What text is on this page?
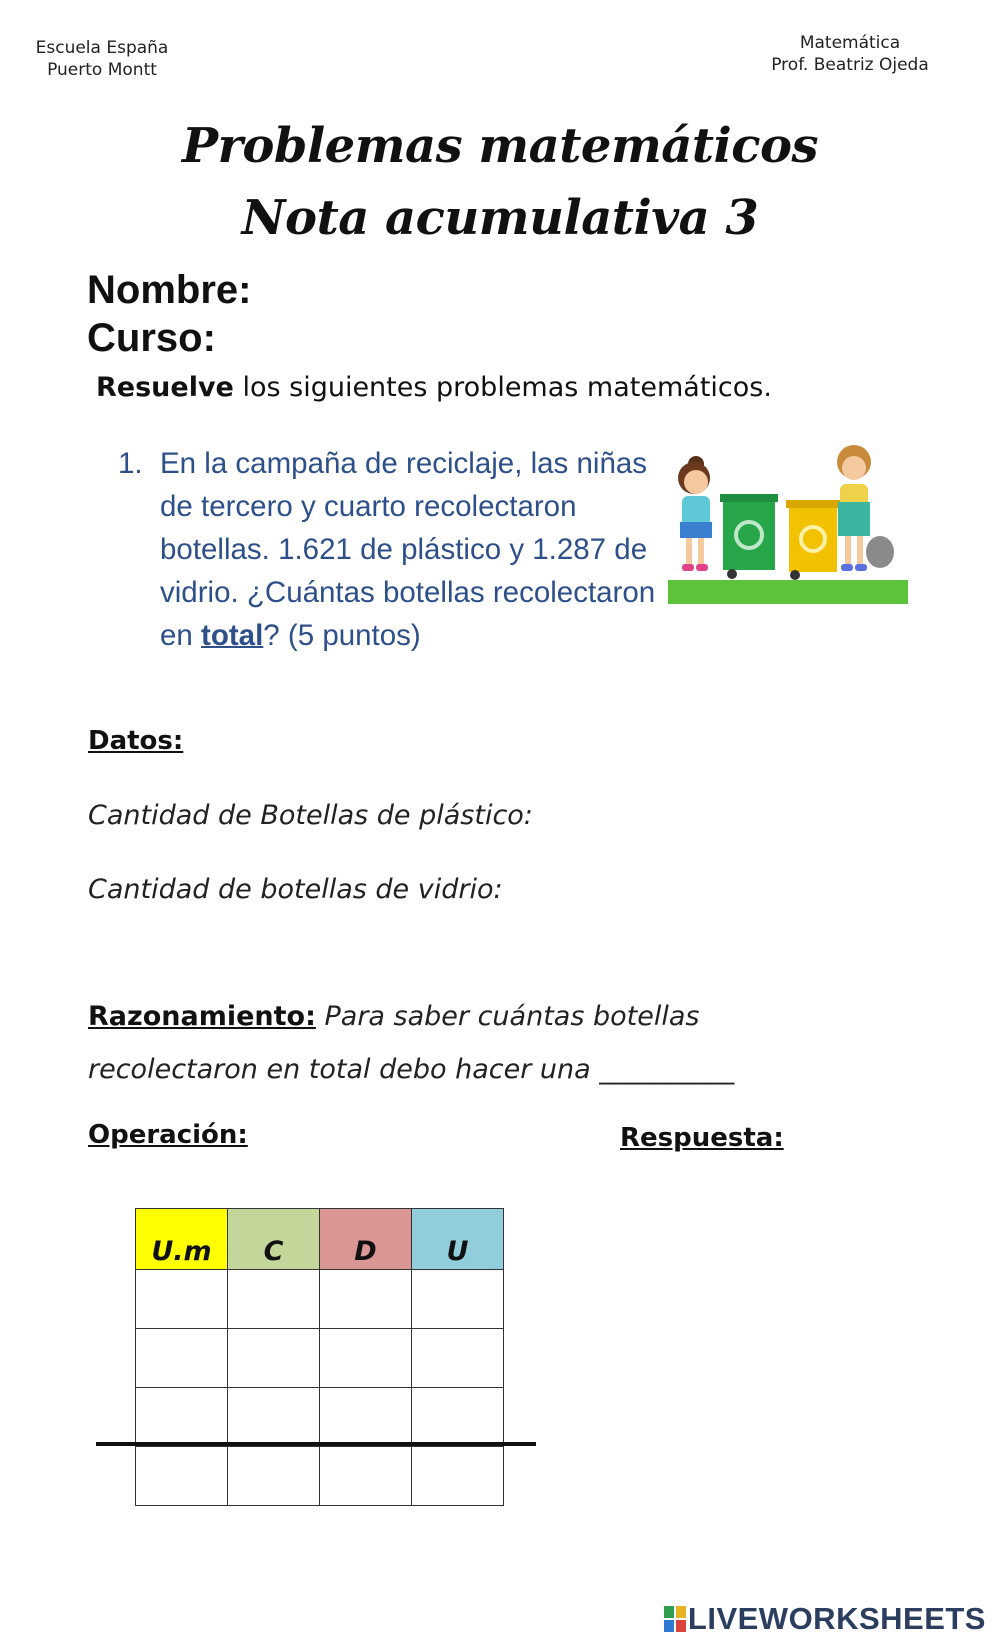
Escuela España
Puerto Montt
Matemática
Prof. Beatriz Ojeda
Problemas matemáticos
Nota acumulativa 3
Nombre:
Curso:
Resuelve los siguientes problemas matemáticos.
1. En la campaña de reciclaje, las niñas de tercero y cuarto recolectaron botellas. 1.621 de plástico y 1.287 de vidrio. ¿Cuántas botellas recolectaron en total? (5 puntos)
Datos:
Cantidad de Botellas de plástico:
Cantidad de botellas de vidrio:
Razonamiento: Para saber cuántas botellas
recolectaron en total debo hacer una __________
Operación:	Respuesta:
U.m	C	D	U

LIVEWORKSHEETS
